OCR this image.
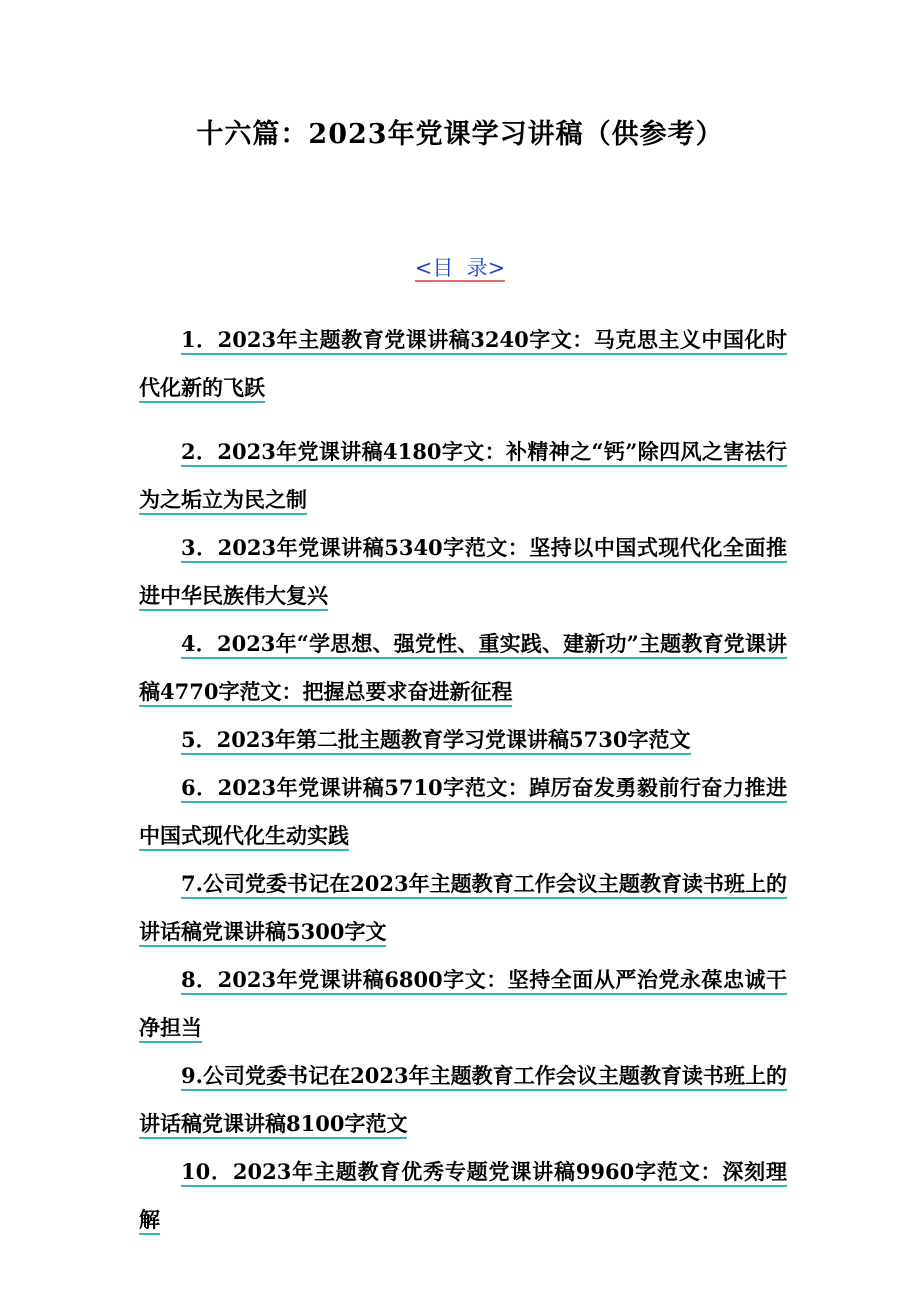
十六篇：2023年党课学习讲稿（供参考）
<目  录>

1．2023年主题教育党课讲稿3240字文：马克思主义中国化时代化新的飞跃

2．2023年党课讲稿4180字文：补精神之“钙”除四风之害祛行为之垢立为民之制

3．2023年党课讲稿5340字范文：坚持以中国式现代化全面推进中华民族伟大复兴

4．2023年“学思想、强党性、重实践、建新功”主题教育党课讲稿4770字范文：把握总要求奋进新征程

5．2023年第二批主题教育学习党课讲稿5730字范文

6．2023年党课讲稿5710字范文：踔厉奋发勇毅前行奋力推进中国式现代化生动实践

7.公司党委书记在2023年主题教育工作会议主题教育读书班上的讲话稿党课讲稿5300字文

8．2023年党课讲稿6800字文：坚持全面从严治党永葆忠诚干净担当

9.公司党委书记在2023年主题教育工作会议主题教育读书班上的讲话稿党课讲稿8100字范文

10．2023年主题教育优秀专题党课讲稿9960字范文：深刻理解
